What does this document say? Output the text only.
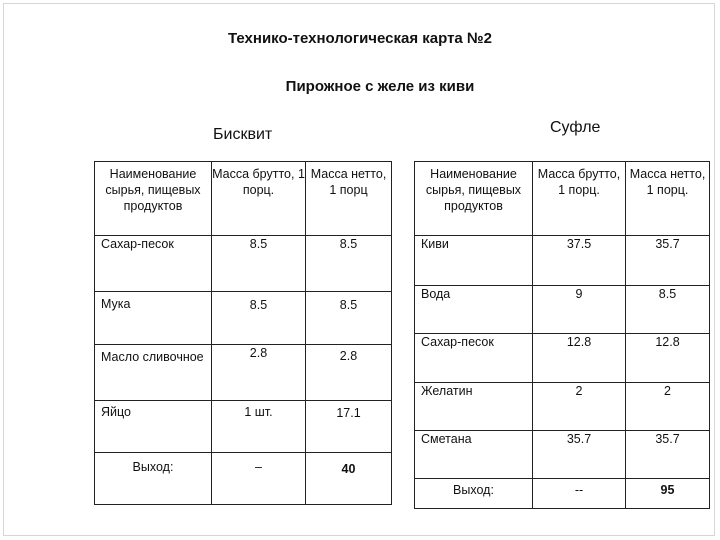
Технико-технологическая карта №2
Пирожное с желе из киви
Бисквит	Суфле
Наименование сырья, пищевых продуктов	Масса брутто, 1 порц.	Масса нетто, 1 порц
Сахар-песок	8.5	8.5
Мука	8.5	8.5
Масло сливочное	2.8	2.8
Яйцо	1 шт.	17.1
Выход:	–	40
Наименование сырья, пищевых продуктов	Масса брутто, 1 порц.	Масса нетто, 1 порц.
Киви	37.5	35.7
Вода	9	8.5
Сахар-песок	12.8	12.8
Желатин	2	2
Сметана	35.7	35.7
Выход:	--	95
